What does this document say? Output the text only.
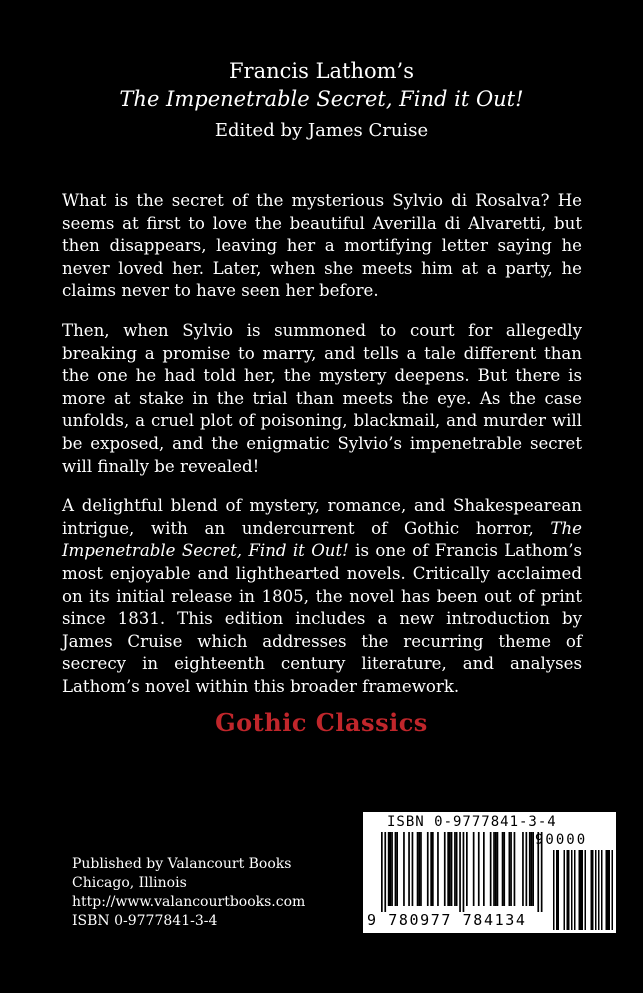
Francis Lathom’s
The Impenetrable Secret, Find it Out!
Edited by James Cruise

What is the secret of the mysterious Sylvio di Rosalva? He seems at first to love the beautiful Averilla di Alvaretti, but then disappears, leaving her a mortifying letter saying he never loved her. Later, when she meets him at a party, he claims never to have seen her before.

Then, when Sylvio is summoned to court for allegedly breaking a promise to marry, and tells a tale different than the one he had told her, the mystery deepens. But there is more at stake in the trial than meets the eye. As the case unfolds, a cruel plot of poisoning, blackmail, and murder will be exposed, and the enigmatic Sylvio’s impenetrable secret will finally be revealed!

A delightful blend of mystery, romance, and Shakespearean intrigue, with an undercurrent of Gothic horror, The Impenetrable Secret, Find it Out! is one of Francis Lathom’s most enjoyable and lighthearted novels. Critically acclaimed on its initial release in 1805, the novel has been out of print since 1831. This edition includes a new introduction by James Cruise which addresses the recurring theme of secrecy in eighteenth century literature, and analyses Lathom’s novel within this broader framework.

Gothic Classics
Published by Valancourt Books
Chicago, Illinois
http://www.valancourtbooks.com
ISBN 0-9777841-3-4
ISBN 0-9777841-3-4
90000
9 780977 784134
